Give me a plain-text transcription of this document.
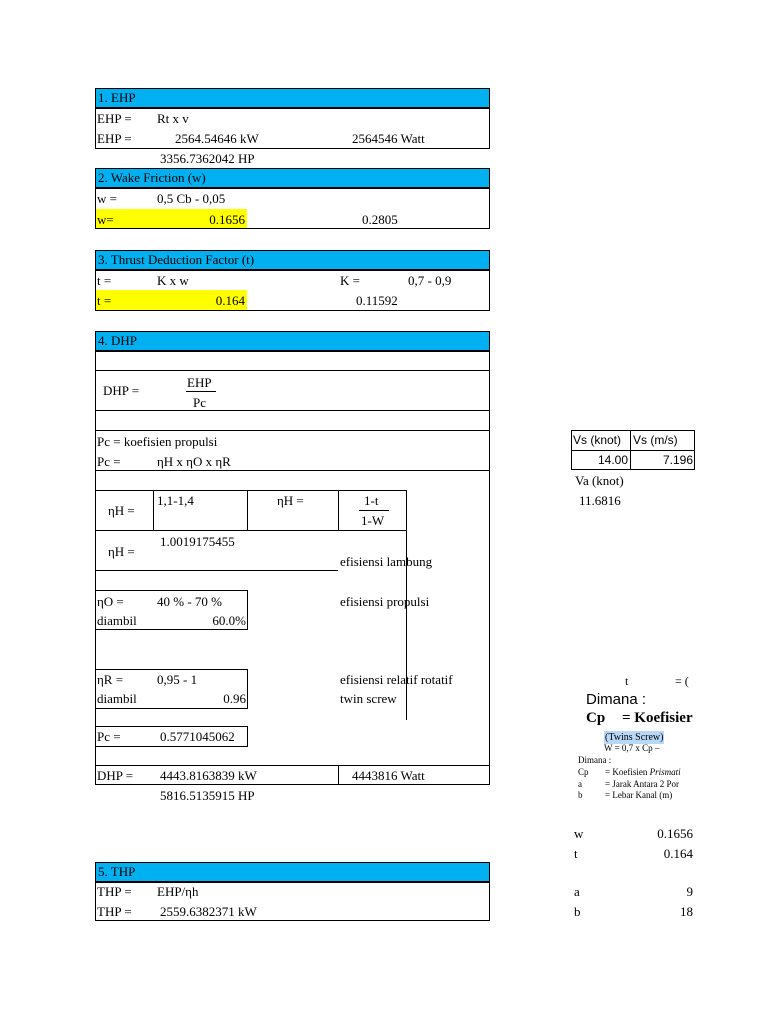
1. EHP
EHP = Rt x v
EHP =	2564.54646 kW	2564546 Watt
3356.7362042 HP
2. Wake Friction (w)
w =	0,5 Cb - 0,05
w=	0.1656	0.2805
3. Thrust Deduction Factor (t)
t =	K x w	K =	0,7 - 0,9
t =	0.164	0.11592
4. DHP
DHP =
EHP
Pc
Pc = koefisien propulsi
Pc =	ηH x ηO x ηR
ηH =
1,1-1,4	ηH =	1-t
1-W
ηH =
1.0019175455
efisiensi lambung
ηO =	40 % - 70 %
diambil	60.0%
efisiensi propulsi
ηR =	0,95 - 1
diambil	0.96
efisiensi relatif rotatif
twin screw
Pc =	0.5771045062
DHP = 4443.8163839 kW	4443816 Watt
5816.5135915 HP
5. THP
THP = EHP/ηh
THP = 2559.6382371 kW
Vs (knot) Vs (m/s)
14.00	7.196
Va (knot)
11.6816
t	= (
Dimana :
Cp = Koefisier
(Twins Screw)
W = 0,7 x Cp –
Dimana :
Cp = Koefisien Prismati
a	= Jarak Antara 2 Por
b	= Lebar Kanal (m)
w	0.1656
t	0.164
a	9
b	18
